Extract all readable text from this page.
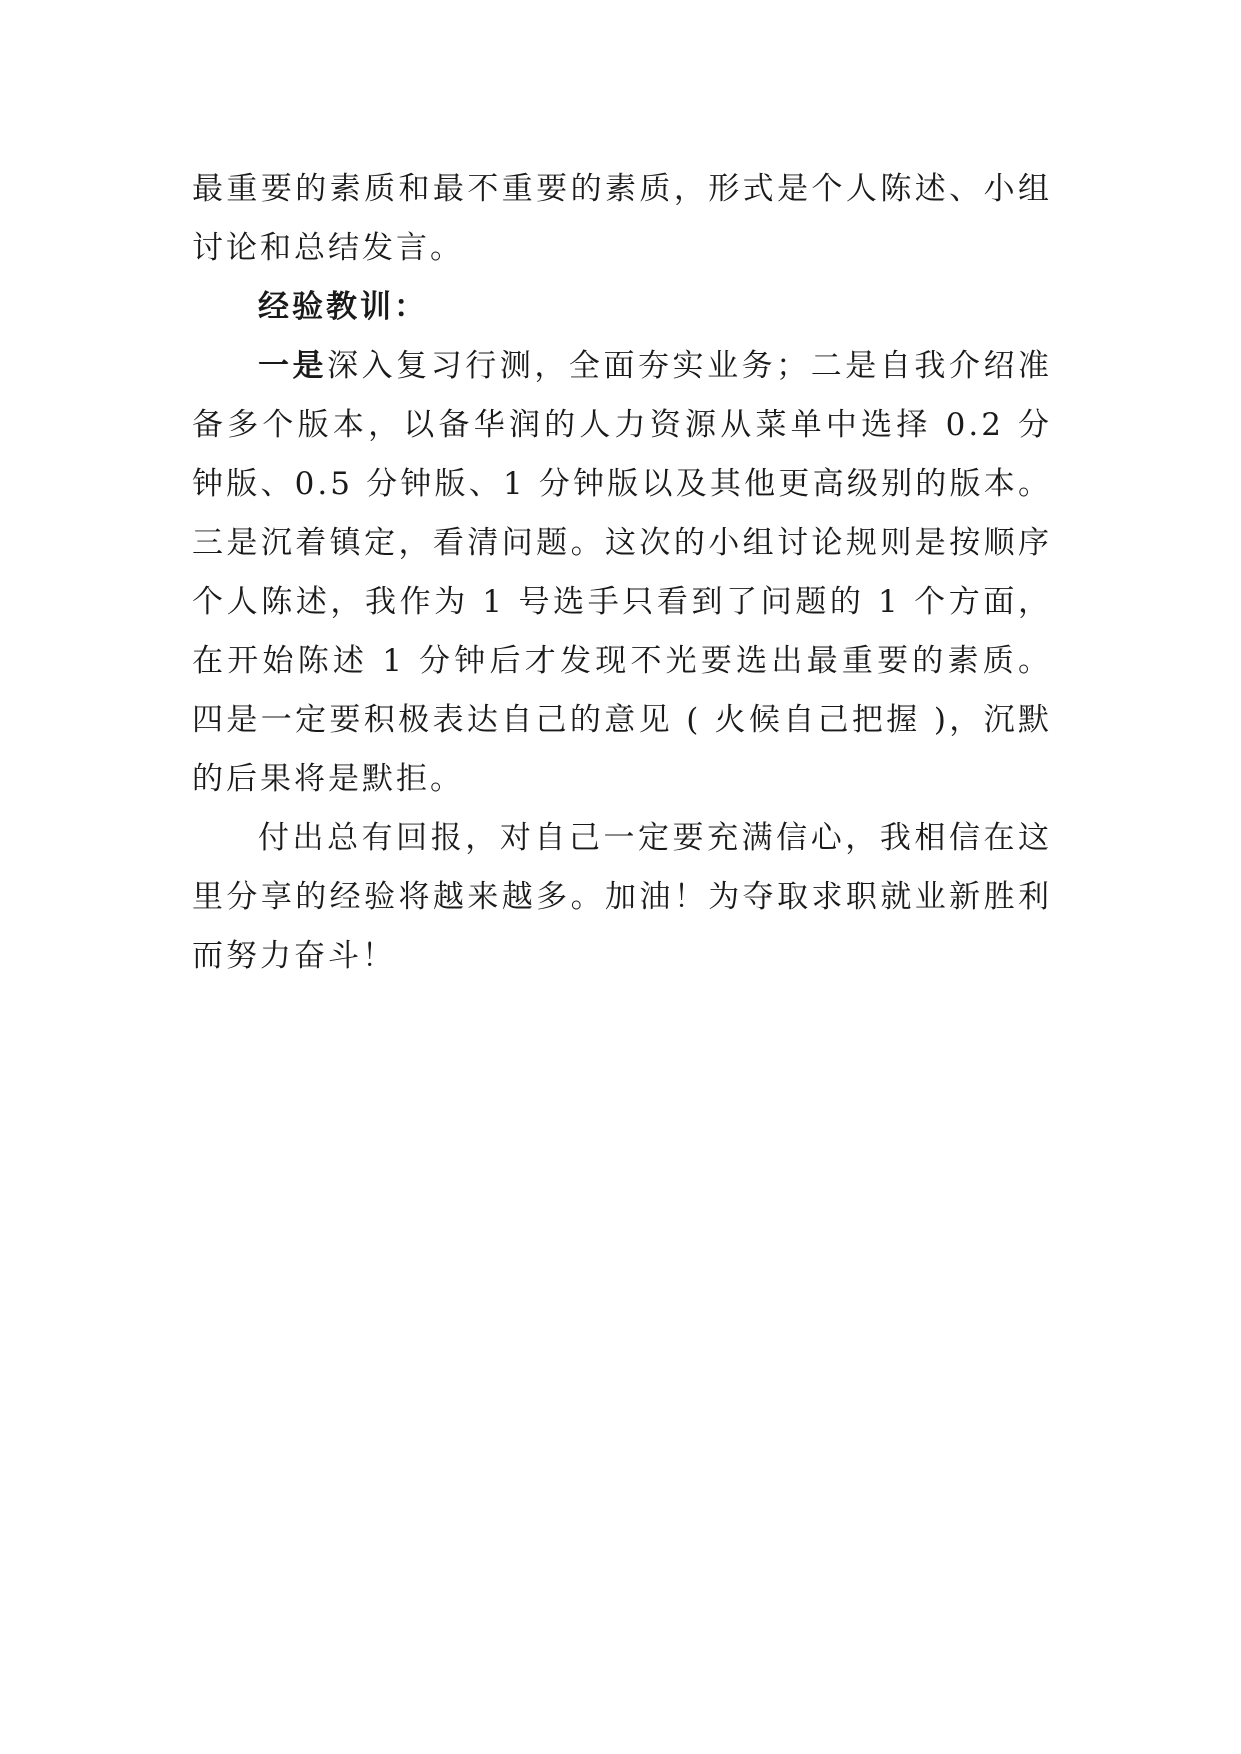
最重要的素质和最不重要的素质，形式是个人陈述、小组讨论和总结发言。

经验教训：

一是深入复习行测，全面夯实业务；二是自我介绍准备多个版本，以备华润的人力资源从菜单中选择 0.2 分钟版、0.5 分钟版、1 分钟版以及其他更高级别的版本。 三是沉着镇定，看清问题。这次的小组讨论规则是按顺序个人陈述，我作为 1 号选手只看到了问题的 1 个方面，在开始陈述 1 分钟后才发现不光要选出最重要的素质。四是一定要积极表达自己的意见 ( 火候自己把握 )，沉默的后果将是默拒。

付出总有回报，对自己一定要充满信心，我相信在这里分享的经验将越来越多。加油！为夺取求职就业新胜利而努力奋斗！
